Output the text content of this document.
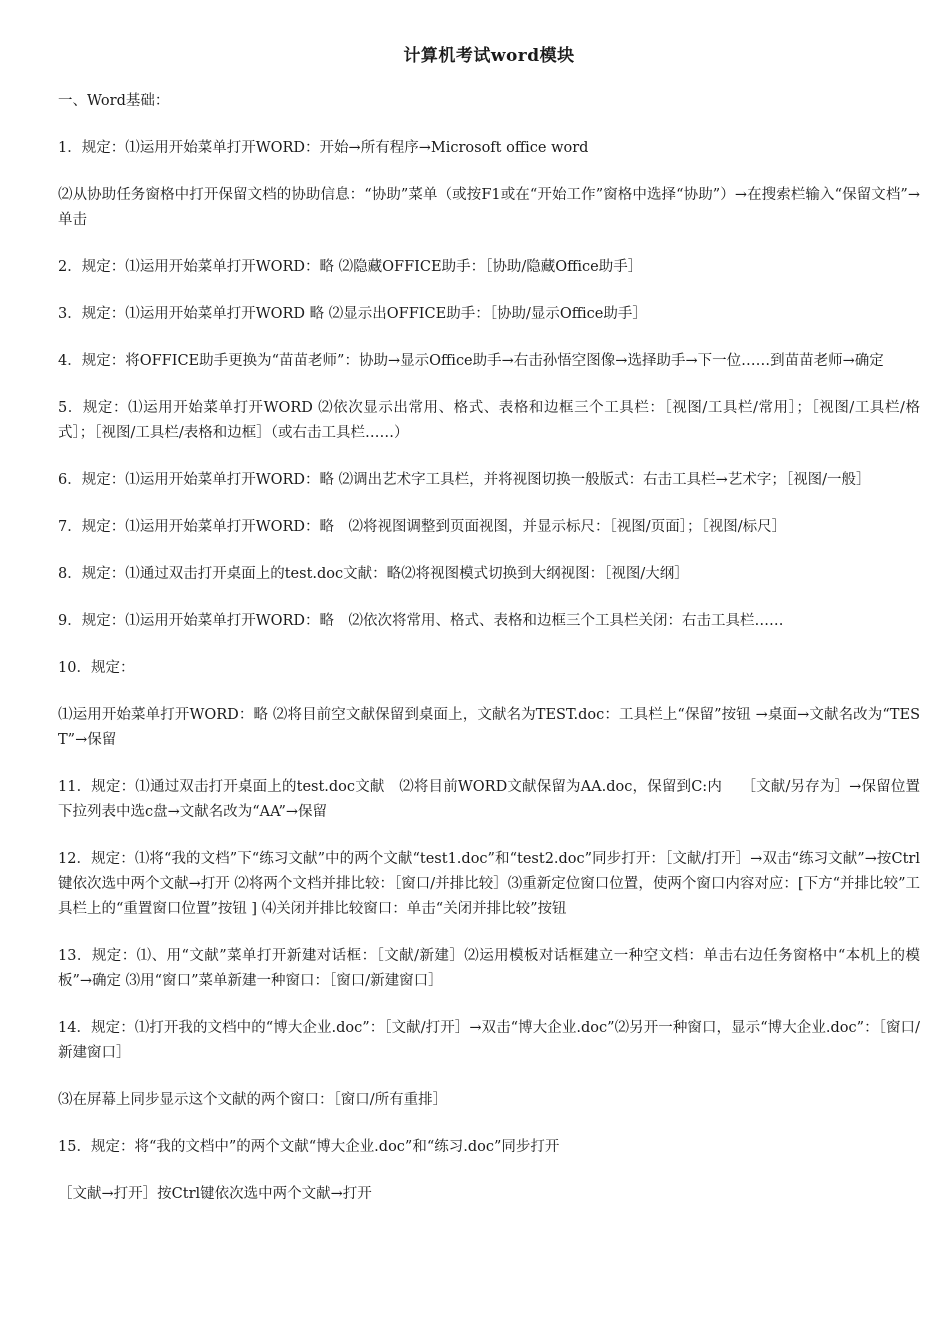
计算机考试word模块
一、Word基础：
1．规定：⑴运用开始菜单打开WORD：开始→所有程序→Microsoft office word
⑵从协助任务窗格中打开保留文档的协助信息：“协助”菜单（或按F1或在“开始工作”窗格中选择“协助”）→在搜索栏输入“保留文档”→单击
2．规定：⑴运用开始菜单打开WORD：略 ⑵隐藏OFFICE助手：［协助/隐藏Office助手］
3．规定：⑴运用开始菜单打开WORD 略 ⑵显示出OFFICE助手：［协助/显示Office助手］
4．规定：将OFFICE助手更换为“苗苗老师”：协助→显示Office助手→右击孙悟空图像→选择助手→下一位……到苗苗老师→确定
5．规定：⑴运用开始菜单打开WORD ⑵依次显示出常用、格式、表格和边框三个工具栏：［视图/工具栏/常用］；［视图/工具栏/格式］；［视图/工具栏/表格和边框］（或右击工具栏……）
6．规定：⑴运用开始菜单打开WORD：略 ⑵调出艺术字工具栏，并将视图切换一般版式：右击工具栏→艺术字；［视图/一般］
7．规定：⑴运用开始菜单打开WORD：略　⑵将视图调整到页面视图，并显示标尺：［视图/页面］；［视图/标尺］
8．规定：⑴通过双击打开桌面上的test.doc文献：略⑵将视图模式切换到大纲视图：［视图/大纲］
9．规定：⑴运用开始菜单打开WORD：略　⑵依次将常用、格式、表格和边框三个工具栏关闭：右击工具栏……
10．规定：
⑴运用开始菜单打开WORD：略 ⑵将目前空文献保留到桌面上，文献名为TEST.doc：工具栏上“保留”按钮 →桌面→文献名改为“TEST”→保留
11．规定：⑴通过双击打开桌面上的test.doc文献　⑵将目前WORD文献保留为AA.doc，保留到C:内　 ［文献/另存为］→保留位置下拉列表中选c盘→文献名改为“AA”→保留
12．规定：⑴将“我的文档”下“练习文献”中的两个文献“test1.doc”和“test2.doc”同步打开：［文献/打开］→双击“练习文献”→按Ctrl键依次选中两个文献→打开 ⑵将两个文档并排比较：［窗口/并排比较］⑶重新定位窗口位置，使两个窗口内容对应：[下方“并排比较”工具栏上的“重置窗口位置”按钮 ] ⑷关闭并排比较窗口：单击“关闭并排比较”按钮
13．规定：⑴、用“文献”菜单打开新建对话框：［文献/新建］⑵运用模板对话框建立一种空文档：单击右边任务窗格中“本机上的模板”→确定 ⑶用“窗口”菜单新建一种窗口：［窗口/新建窗口］
14．规定：⑴打开我的文档中的“博大企业.doc”：［文献/打开］→双击“博大企业.doc”⑵另开一种窗口，显示“博大企业.doc”：［窗口/新建窗口］
⑶在屏幕上同步显示这个文献的两个窗口：［窗口/所有重排］
15．规定：将“我的文档中”的两个文献“博大企业.doc”和“练习.doc”同步打开
［文献→打开］按Ctrl键依次选中两个文献→打开
